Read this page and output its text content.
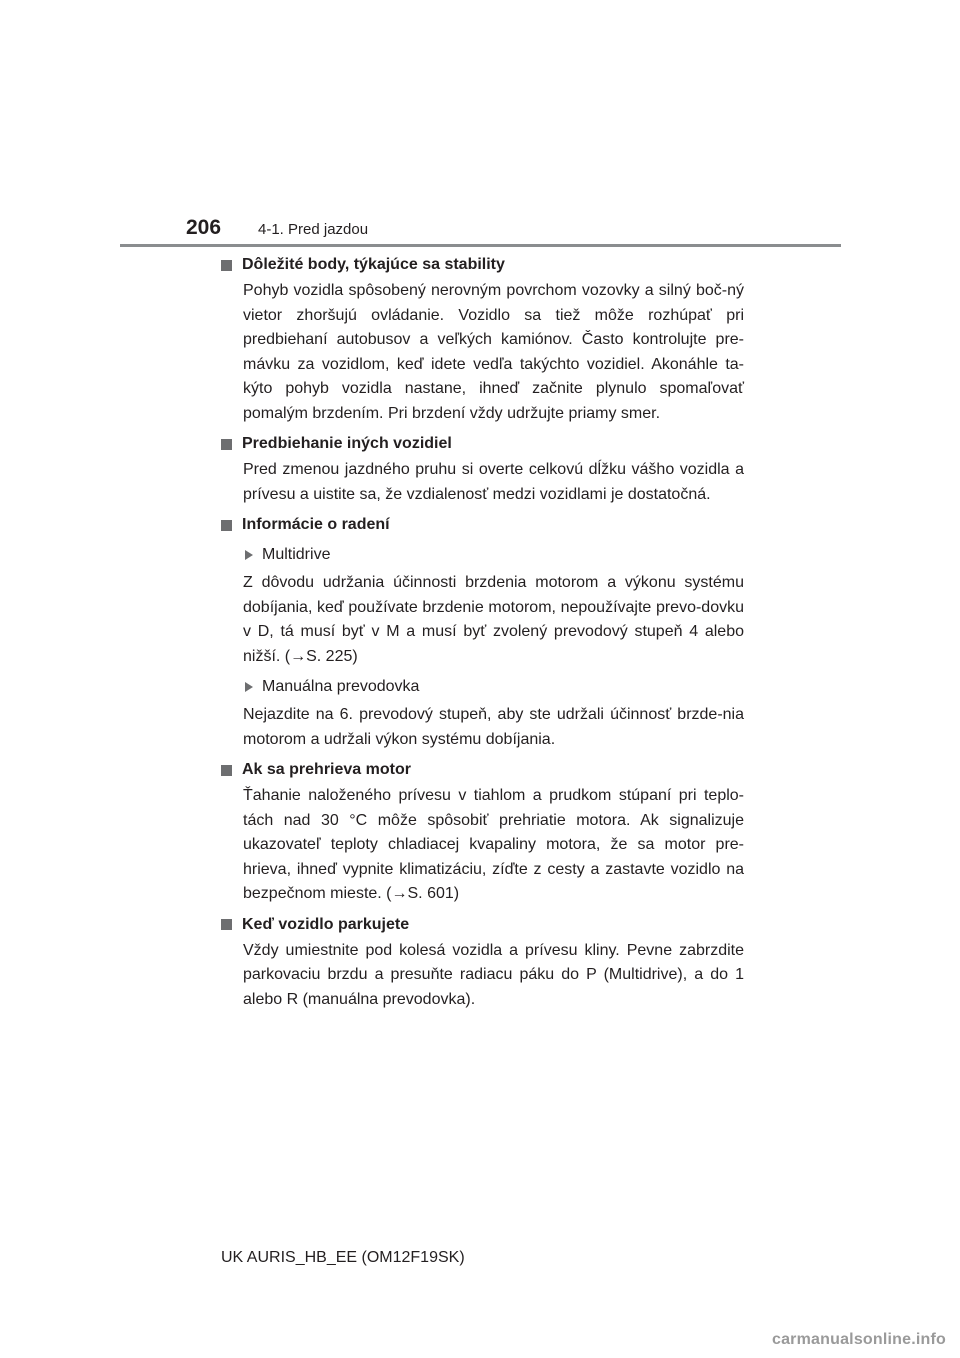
206 4-1. Pred jazdou
Dôležité body, týkajúce sa stability
Pohyb vozidla spôsobený nerovným povrchom vozovky a silný boč-ný vietor zhoršujú ovládanie. Vozidlo sa tiež môže rozhúpať pri predbiehaní autobusov a veľkých kamiónov. Často kontrolujte pre-mávku za vozidlom, keď idete vedľa takýchto vozidiel. Akonáhle ta-kýto pohyb vozidla nastane, ihneď začnite plynulo spomaľovať pomalým brzdením. Pri brzdení vždy udržujte priamy smer.
Predbiehanie iných vozidiel
Pred zmenou jazdného pruhu si overte celkovú dĺžku vášho vozidla a prívesu a uistite sa, že vzdialenosť medzi vozidlami je dostatočná.
Informácie o radení
Multidrive
Z dôvodu udržania účinnosti brzdenia motorom a výkonu systému dobíjania, keď používate brzdenie motorom, nepoužívajte prevo-dovku v D, tá musí byť v M a musí byť zvolený prevodový stupeň 4 alebo nižší. (→S. 225)
Manuálna prevodovka
Nejazdite na 6. prevodový stupeň, aby ste udržali účinnosť brzde-nia motorom a udržali výkon systému dobíjania.
Ak sa prehrieva motor
Ťahanie naloženého prívesu v tiahlom a prudkom stúpaní pri teplo-tách nad 30 °C môže spôsobiť prehriatie motora. Ak signalizuje ukazovateľ teploty chladiacej kvapaliny motora, že sa motor pre-hrieva, ihneď vypnite klimatizáciu, zíďte z cesty a zastavte vozidlo na bezpečnom mieste. (→S. 601)
Keď vozidlo parkujete
Vždy umiestnite pod kolesá vozidla a prívesu kliny. Pevne zabrzdite parkovaciu brzdu a presuňte radiacu páku do P (Multidrive), a do 1 alebo R (manuálna prevodovka).
UK AURIS_HB_EE (OM12F19SK)
carmanualsonline.info
